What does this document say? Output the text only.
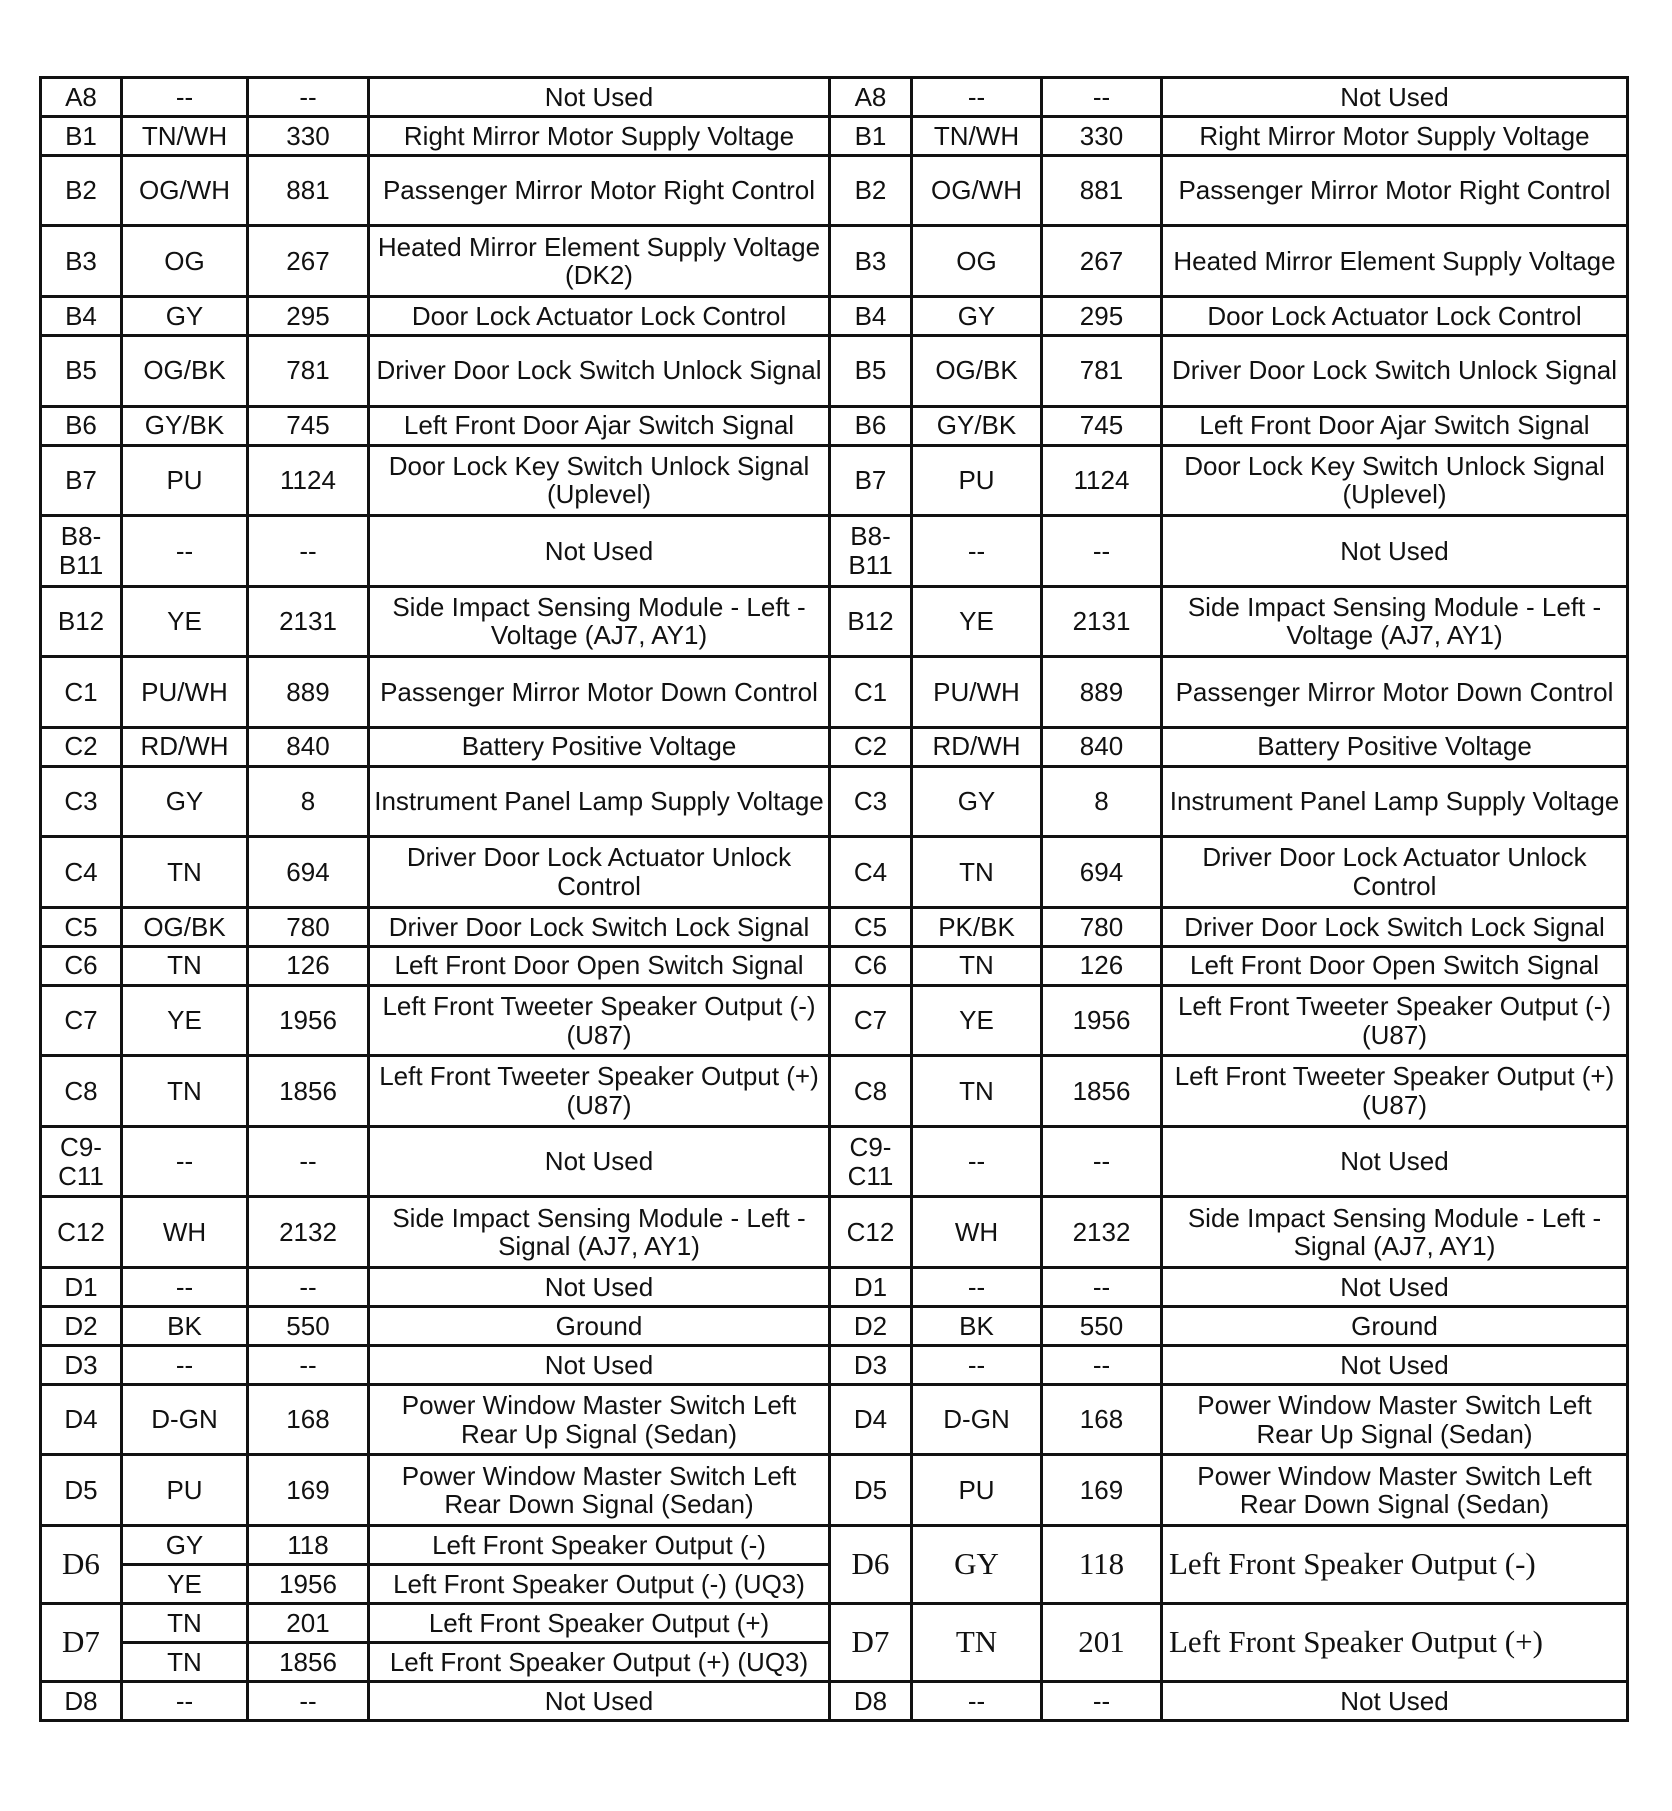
A8	--	--	Not Used	A8	--	--	Not Used
B1	TN/WH	330	Right Mirror Motor Supply Voltage	B1	TN/WH	330	Right Mirror Motor Supply Voltage
B2	OG/WH	881	Passenger Mirror Motor Right Control	B2	OG/WH	881	Passenger Mirror Motor Right Control
B3	OG	267	Heated Mirror Element Supply Voltage (DK2)	B3	OG	267	Heated Mirror Element Supply Voltage
B4	GY	295	Door Lock Actuator Lock Control	B4	GY	295	Door Lock Actuator Lock Control
B5	OG/BK	781	Driver Door Lock Switch Unlock Signal	B5	OG/BK	781	Driver Door Lock Switch Unlock Signal
B6	GY/BK	745	Left Front Door Ajar Switch Signal	B6	GY/BK	745	Left Front Door Ajar Switch Signal
B7	PU	1124	Door Lock Key Switch Unlock Signal (Uplevel)	B7	PU	1124	Door Lock Key Switch Unlock Signal (Uplevel)
B8-B11	--	--	Not Used	B8-B11	--	--	Not Used
B12	YE	2131	Side Impact Sensing Module - Left - Voltage (AJ7, AY1)	B12	YE	2131	Side Impact Sensing Module - Left - Voltage (AJ7, AY1)
C1	PU/WH	889	Passenger Mirror Motor Down Control	C1	PU/WH	889	Passenger Mirror Motor Down Control
C2	RD/WH	840	Battery Positive Voltage	C2	RD/WH	840	Battery Positive Voltage
C3	GY	8	Instrument Panel Lamp Supply Voltage	C3	GY	8	Instrument Panel Lamp Supply Voltage
C4	TN	694	Driver Door Lock Actuator Unlock Control	C4	TN	694	Driver Door Lock Actuator Unlock Control
C5	OG/BK	780	Driver Door Lock Switch Lock Signal	C5	PK/BK	780	Driver Door Lock Switch Lock Signal
C6	TN	126	Left Front Door Open Switch Signal	C6	TN	126	Left Front Door Open Switch Signal
C7	YE	1956	Left Front Tweeter Speaker Output (-) (U87)	C7	YE	1956	Left Front Tweeter Speaker Output (-) (U87)
C8	TN	1856	Left Front Tweeter Speaker Output (+) (U87)	C8	TN	1856	Left Front Tweeter Speaker Output (+) (U87)
C9-C11	--	--	Not Used	C9-C11	--	--	Not Used
C12	WH	2132	Side Impact Sensing Module - Left - Signal (AJ7, AY1)	C12	WH	2132	Side Impact Sensing Module - Left - Signal (AJ7, AY1)
D1	--	--	Not Used	D1	--	--	Not Used
D2	BK	550	Ground	D2	BK	550	Ground
D3	--	--	Not Used	D3	--	--	Not Used
D4	D-GN	168	Power Window Master Switch Left Rear Up Signal (Sedan)	D4	D-GN	168	Power Window Master Switch Left Rear Up Signal (Sedan)
D5	PU	169	Power Window Master Switch Left Rear Down Signal (Sedan)	D5	PU	169	Power Window Master Switch Left Rear Down Signal (Sedan)
D6	GY	118	Left Front Speaker Output (-)	D6	GY	118	Left Front Speaker Output (-)
	YE	1956	Left Front Speaker Output (-) (UQ3)				
D7	TN	201	Left Front Speaker Output (+)	D7	TN	201	Left Front Speaker Output (+)
	TN	1856	Left Front Speaker Output (+) (UQ3)				
D8	--	--	Not Used	D8	--	--	Not Used
